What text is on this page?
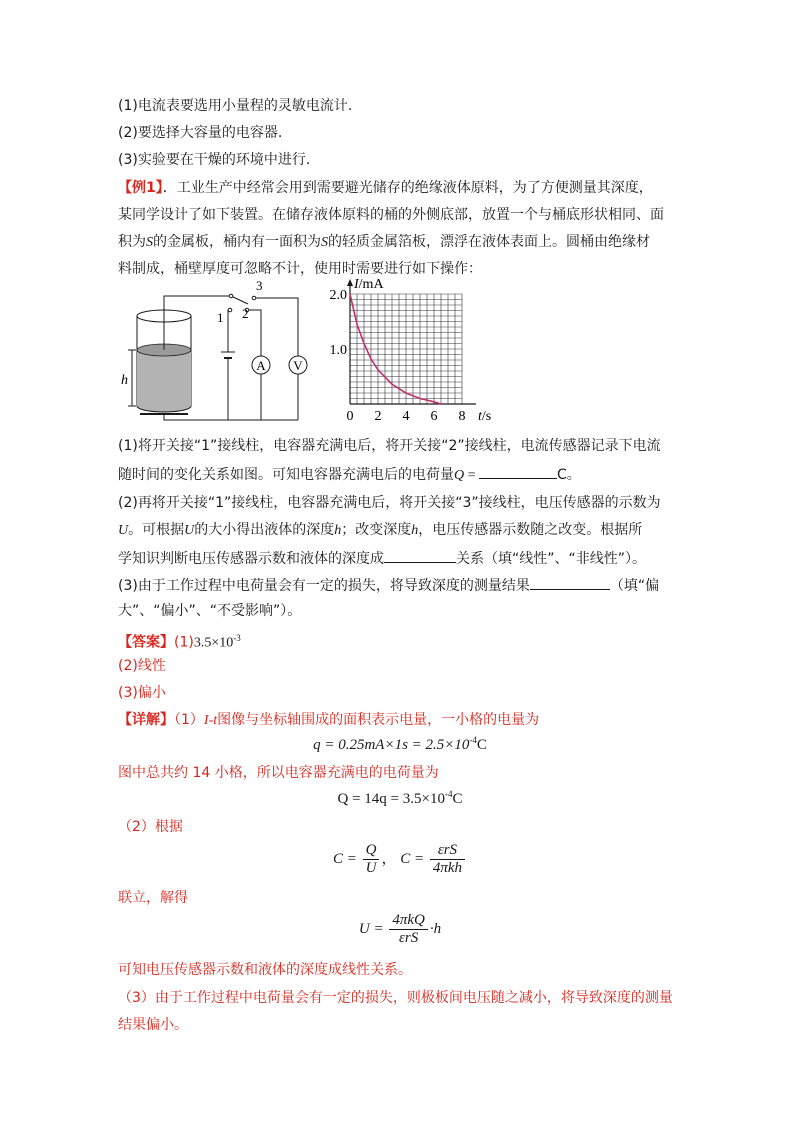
(1)电流表要选用小量程的灵敏电流计.
(2)要选择大容量的电容器.
(3)实验要在干燥的环境中进行.
【例1】．工业生产中经常会用到需要避光储存的绝缘液体原料，为了方便测量其深度，
某同学设计了如下装置。在储存液体原料的桶的外侧底部，放置一个与桶底形状相同、面
积为S的金属板，桶内有一面积为S的轻质金属箔板，漂浮在液体表面上。圆桶由绝缘材
料制成，桶壁厚度可忽略不计，使用时需要进行如下操作：
1 2
3
A V
h
0 2 4 6 8
1.0
2.0
I/mA
t/s
(1)将开关接“1”接线柱，电容器充满电后，将开关接“2”接线柱，电流传感器记录下电流
随时间的变化关系如图。可知电容器充满电后的电荷量Q =	C。
(2)再将开关接“1”接线柱，电容器充满电后，将开关接“3”接线柱，电压传感器的示数为
U。可根据U的大小得出液体的深度h；改变深度h，电压传感器示数随之改变。根据所
学知识判断电压传感器示数和液体的深度成	关系（填“线性”、“非线性”）。
(3)由于工作过程中电荷量会有一定的损失，将导致深度的测量结果	（填“偏
大”、“偏小”、“不受影响”）。
【答案】$(1)3.5\times 10^{-3}$
(2)线性
(3)偏小
【详解】（1）I-t图像与坐标轴围成的面积表示电量，一小格的电量为
$q = 0.25mA\times 1s = 2.5\times 10^{-4}C$
图中总共约 14 小格，所以电容器充满电的电荷量为
$Q = 14q = 3.5\times 10^{-4}C$
（2）根据
$C = \frac{Q}{U}$ ， $C = \frac{\text{εrS}}{\text{4πkh}}$
联立，解得
$U = \frac{\text{4πkQ}}{\text{εrS}} \cdot h$
可知电压传感器示数和液体的深度成线性关系。
（3）由于工作过程中电荷量会有一定的损失，则极板间电压随之减小，将导致深度的测量
结果偏小。
